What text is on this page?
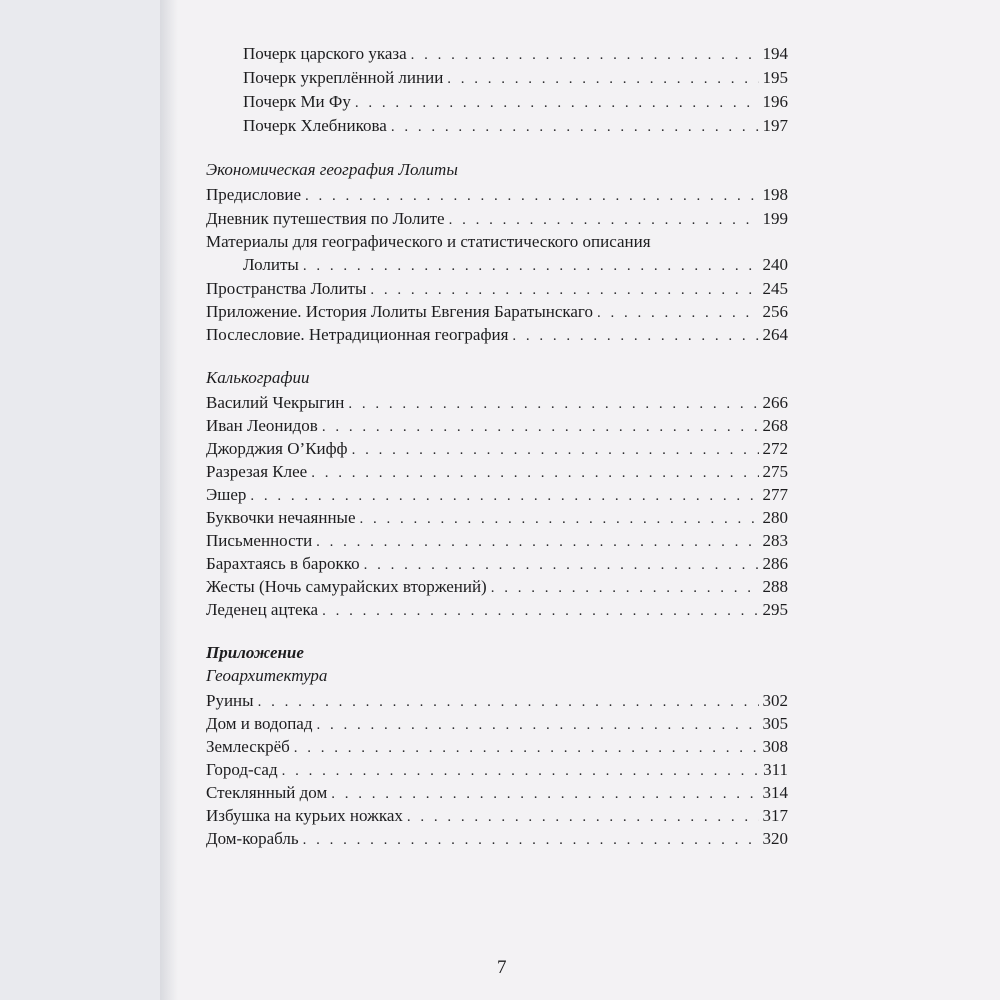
Почерк царского указа . . .	194
Почерк укреплённой линии . . .	195
Почерк Ми Фу . . .	196
Почерк Хлебникова . . .	197
Экономическая география Лолиты
Предисловие . . .	198
Дневник путешествия по Лолите . . .	199
Материалы для географического и статистического описания
Лолиты . . .	240
Пространства Лолиты . . .	245
Приложение. История Лолиты Евгения Баратынскаго . . .	256
Послесловие. Нетрадиционная география . . .	264
Калькографии
Василий Чекрыгин . . .	266
Иван Леонидов . . .	268
Джорджия О’Кифф . . .	272
Разрезая Клее . . .	275
Эшер . . .	277
Буквочки нечаянные . . .	280
Письменности . . .	283
Барахтаясь в барокко . . .	286
Жесты (Ночь самурайских вторжений) . . .	288
Леденец ацтека . . .	295
Приложение
Геоархитектура
Руины . . .	302
Дом и водопад . . .	305
Землескрёб . . .	308
Город-сад . . .	311
Стеклянный дом . . .	314
Избушка на курьих ножках . . .	317
Дом-корабль . . .	320
7
